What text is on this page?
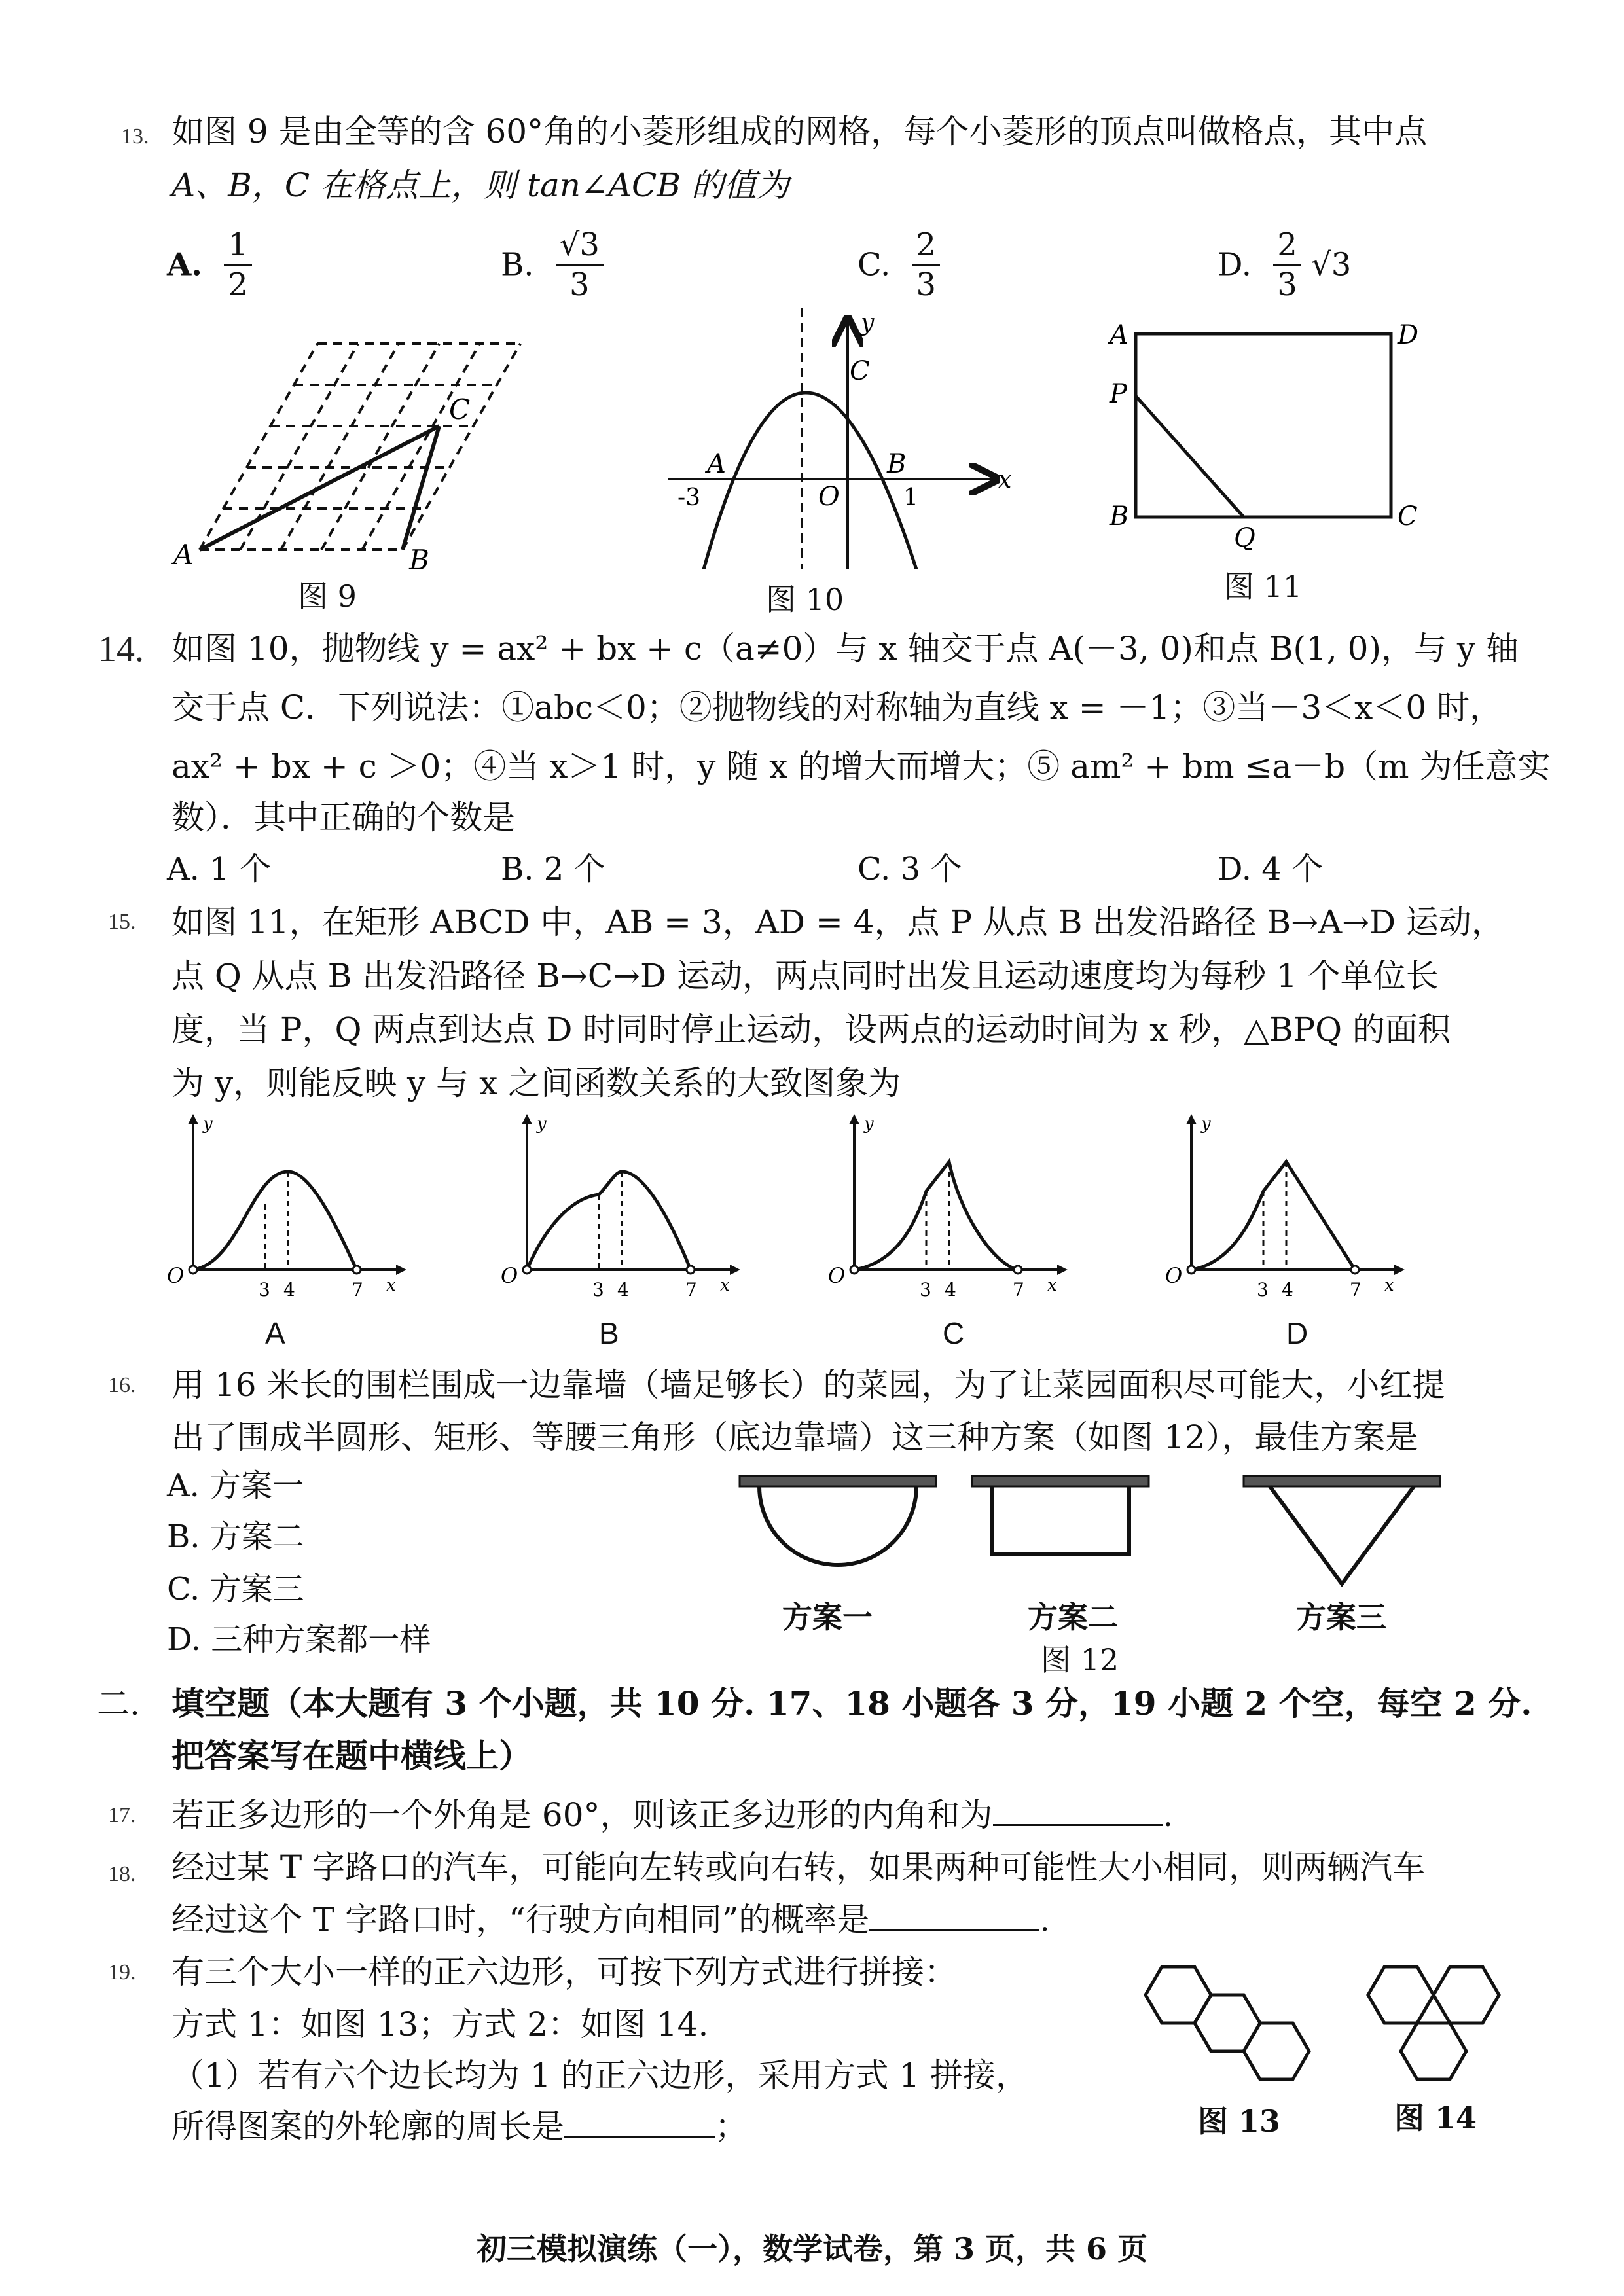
13. 如图 9 是由全等的含 60°角的小菱形组成的网格，每个小菱形的顶点叫做格点，其中点
A、B，C 在格点上，则 tan∠ACB 的值为
A. $\frac{1}{2}$	B. $\frac{√3}{3}$	C. $\frac{2}{3}$	D. $\frac{2}{3} √3$
A	B
C
图 9
A	B
C
O
x
y
-3	1
图 10
A	D
P
B
Q
C
图 11
14. 如图 10，抛物线 y = ax² + bx + c（a≠0）与 x 轴交于点 A(－3, 0)和点 B(1, 0)，与 y 轴
交于点 C．下列说法：①abc＜0；②抛物线的对称轴为直线 x = －1；③当－3＜x＜0 时，
ax² + bx + c ＞0；④当 x＞1 时，y 随 x 的增大而增大；⑤ am² + bm ≤a－b（m 为任意实
数）．其中正确的个数是
A. 1 个	B. 2 个	C. 3 个	D. 4 个
15. 如图 11，在矩形 ABCD 中，AB = 3，AD = 4，点 P 从点 B 出发沿路径 B→A→D 运动，
点 Q 从点 B 出发沿路径 B→C→D 运动，两点同时出发且运动速度均为每秒 1 个单位长
度，当 P，Q 两点到达点 D 时同时停止运动，设两点的运动时间为 x 秒，△BPQ 的面积
为 y，则能反映 y 与 x 之间函数关系的大致图象为
O
3 4	7 x
y
A
O
3 4	7 x
y
B
O
3 4	7 x
y
C
O
3 4	7 x
y
D
16. 用 16 米长的围栏围成一边靠墙（墙足够长）的菜园，为了让菜园面积尽可能大，小红提
出了围成半圆形、矩形、等腰三角形（底边靠墙）这三种方案（如图 12），最佳方案是
A. 方案一
B. 方案二
C. 方案三
D. 三种方案都一样
方案一	方案二	方案三
图 12
二. 填空题（本大题有 3 个小题，共 10 分. 17、18 小题各 3 分，19 小题 2 个空，每空 2 分.
把答案写在题中横线上）
17. 若正多边形的一个外角是 60°，则该正多边形的内角和为	.
18. 经过某 T 字路口的汽车，可能向左转或向右转，如果两种可能性大小相同，则两辆汽车
经过这个 T 字路口时，“行驶方向相同”的概率是	.
19. 有三个大小一样的正六边形，可按下列方式进行拼接：
方式 1：如图 13；方式 2：如图 14.
（1）若有六个边长均为 1 的正六边形，采用方式 1 拼接，
所得图案的外轮廓的周长是	；	图 13	图 14
初三模拟演练（一），数学试卷，第 3 页，共 6 页
